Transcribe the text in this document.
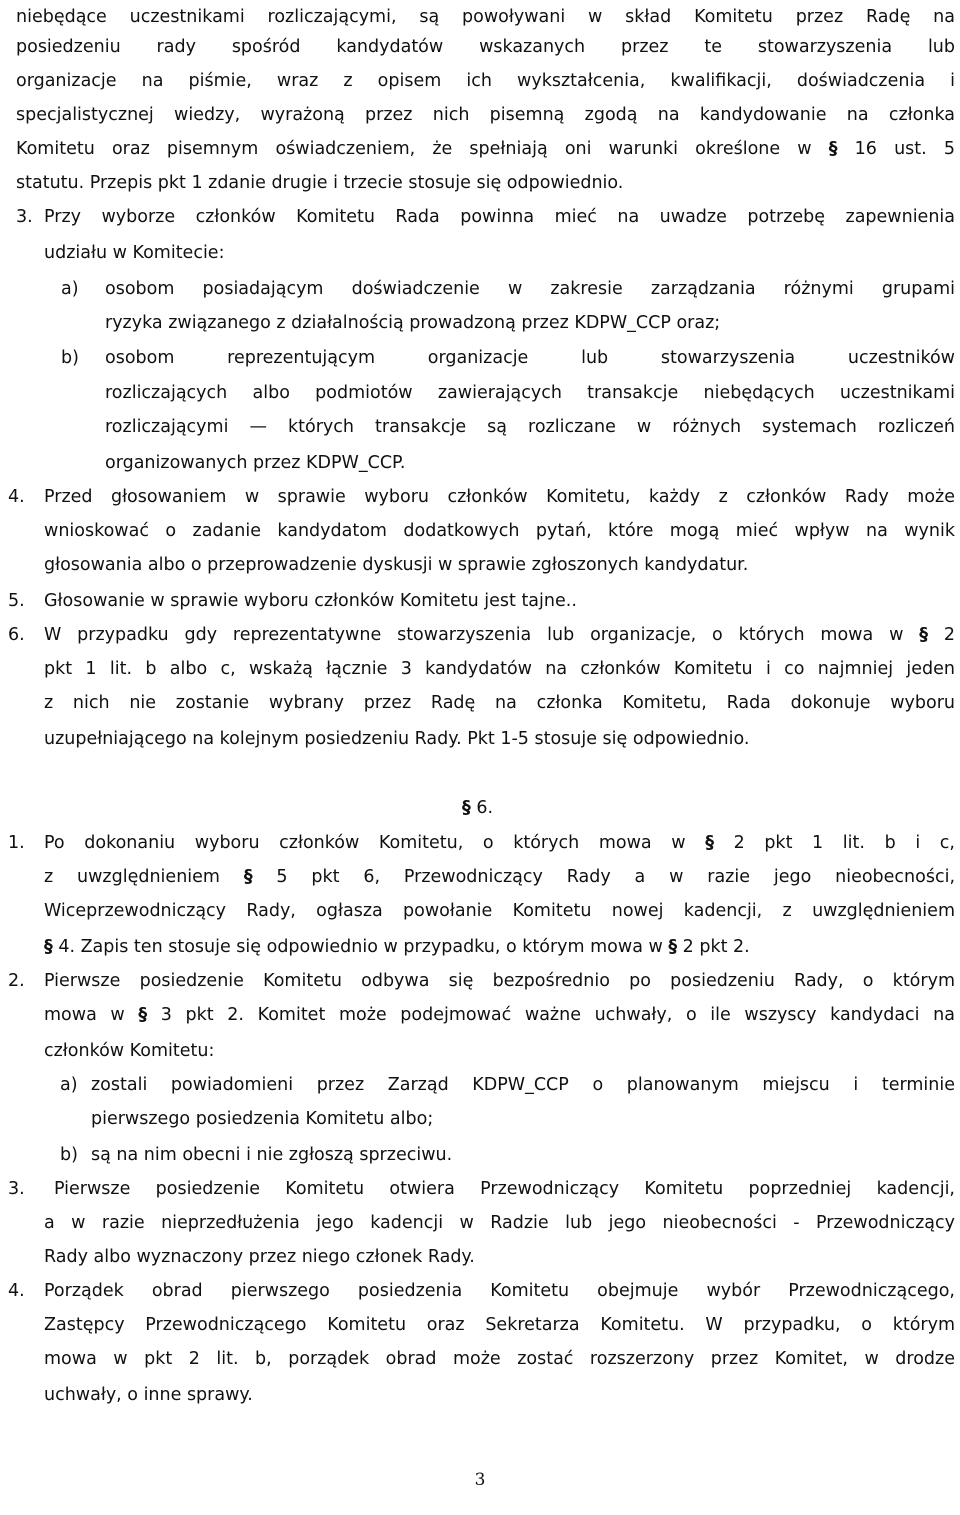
niebędące uczestnikami rozliczającymi, są powoływani w skład Komitetu przez Radę na
posiedzeniu rady spośród kandydatów wskazanych przez te stowarzyszenia lub
organizacje na piśmie, wraz z opisem ich wykształcenia, kwalifikacji, doświadczenia i
specjalistycznej wiedzy, wyrażoną przez nich pisemną zgodą na kandydowanie na członka
Komitetu oraz pisemnym oświadczeniem, że spełniają oni warunki określone w § 16 ust. 5
statutu. Przepis pkt 1 zdanie drugie i trzecie stosuje się odpowiednio.
3. Przy wyborze członków Komitetu Rada powinna mieć na uwadze potrzebę zapewnienia
udziału w Komitecie:
a) osobom posiadającym doświadczenie w zakresie zarządzania różnymi grupami
ryzyka związanego z działalnością prowadzoną przez KDPW_CCP oraz;
b) osobom reprezentującym organizacje lub stowarzyszenia uczestników
rozliczających albo podmiotów zawierających transakcje niebędących uczestnikami
rozliczającymi — których transakcje są rozliczane w różnych systemach rozliczeń
organizowanych przez KDPW_CCP.
4. Przed głosowaniem w sprawie wyboru członków Komitetu, każdy z członków Rady może
wnioskować o zadanie kandydatom dodatkowych pytań, które mogą mieć wpływ na wynik
głosowania albo o przeprowadzenie dyskusji w sprawie zgłoszonych kandydatur.
5. Głosowanie w sprawie wyboru członków Komitetu jest tajne..
6. W przypadku gdy reprezentatywne stowarzyszenia lub organizacje, o których mowa w § 2
pkt 1 lit. b albo c, wskażą łącznie 3 kandydatów na członków Komitetu i co najmniej jeden
z nich nie zostanie wybrany przez Radę na członka Komitetu, Rada dokonuje wyboru
uzupełniającego na kolejnym posiedzeniu Rady. Pkt 1-5 stosuje się odpowiednio.
§ 6.
1. Po dokonaniu wyboru członków Komitetu, o których mowa w § 2 pkt 1 lit. b i c,
z uwzględnieniem § 5 pkt 6, Przewodniczący Rady a w razie jego nieobecności,
Wiceprzewodniczący Rady, ogłasza powołanie Komitetu nowej kadencji, z uwzględnieniem
§ 4. Zapis ten stosuje się odpowiednio w przypadku, o którym mowa w § 2 pkt 2.
2. Pierwsze posiedzenie Komitetu odbywa się bezpośrednio po posiedzeniu Rady, o którym
mowa w § 3 pkt 2. Komitet może podejmować ważne uchwały, o ile wszyscy kandydaci na
członków Komitetu:
a) zostali powiadomieni przez Zarząd KDPW_CCP o planowanym miejscu i terminie
pierwszego posiedzenia Komitetu albo;
b) są na nim obecni i nie zgłoszą sprzeciwu.
3. Pierwsze posiedzenie Komitetu otwiera Przewodniczący Komitetu poprzedniej kadencji,
a w razie nieprzedłużenia jego kadencji w Radzie lub jego nieobecności - Przewodniczący
Rady albo wyznaczony przez niego członek Rady.
4. Porządek obrad pierwszego posiedzenia Komitetu obejmuje wybór Przewodniczącego,
Zastępcy Przewodniczącego Komitetu oraz Sekretarza Komitetu. W przypadku, o którym
mowa w pkt 2 lit. b, porządek obrad może zostać rozszerzony przez Komitet, w drodze
uchwały, o inne sprawy.
3
